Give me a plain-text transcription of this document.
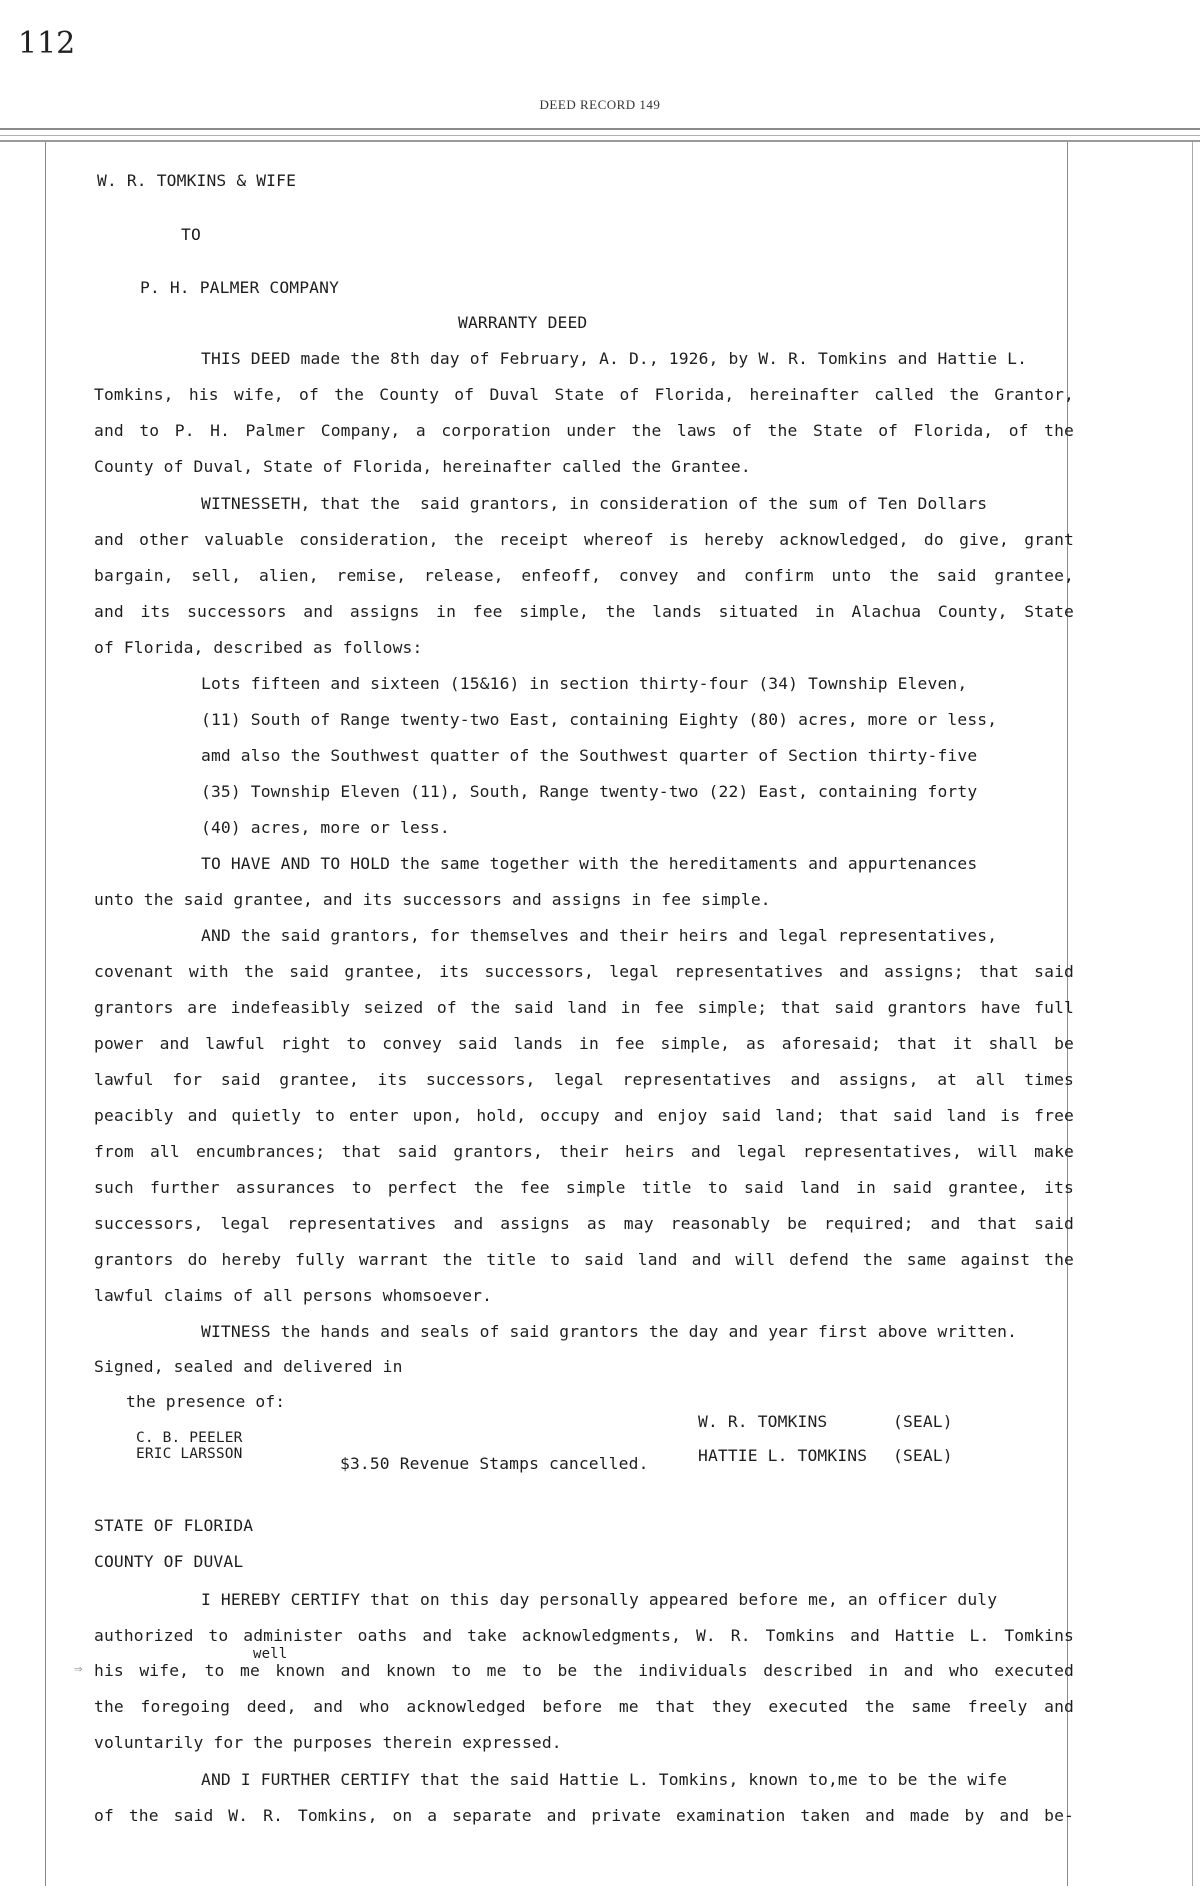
112
DEED RECORD 149
W. R. TOMKINS & WIFE
TO
P. H. PALMER COMPANY
WARRANTY DEED
THIS DEED made the 8th day of February, A. D., 1926, by W. R. Tomkins and Hattie L.
Tomkins, his wife, of the County of Duval State of Florida, hereinafter called the Grantor,
and to P. H. Palmer Company, a corporation under the laws of the State of Florida, of the
County of Duval, State of Florida, hereinafter called the Grantee.
WITNESSETH, that the  said grantors, in consideration of the sum of Ten Dollars
and other valuable consideration, the receipt whereof is hereby acknowledged, do give, grant
bargain, sell, alien, remise, release, enfeoff, convey and confirm unto the said grantee,
and its successors and assigns in fee simple, the lands situated in Alachua County, State
of Florida, described as follows:
Lots fifteen and sixteen (15&16) in section thirty-four (34) Township Eleven,
(11) South of Range twenty-two East, containing Eighty (80) acres, more or less,
amd also the Southwest quatter of the Southwest quarter of Section thirty-five
(35) Township Eleven (11), South, Range twenty-two (22) East, containing forty
(40) acres, more or less.
TO HAVE AND TO HOLD the same together with the hereditaments and appurtenances
unto the said grantee, and its successors and assigns in fee simple.
AND the said grantors, for themselves and their heirs and legal representatives,
covenant with the said grantee, its successors, legal representatives and assigns; that said
grantors are indefeasibly seized of the said land in fee simple; that said grantors have full
power and lawful right to convey said lands in fee simple, as aforesaid; that it shall be
lawful for said grantee, its successors, legal representatives and assigns, at all times
peacibly and quietly to enter upon, hold, occupy and enjoy said land; that said land is free
from all encumbrances; that said grantors, their heirs and legal representatives, will make
such further assurances to perfect the fee simple title to said land in said grantee, its
successors, legal representatives and assigns as may reasonably be required; and that said
grantors do hereby fully warrant the title to said land and will defend the same against the
lawful claims of all persons whomsoever.
WITNESS the hands and seals of said grantors the day and year first above written.
Signed, sealed and delivered in
the presence of:
C. B. PEELER
ERIC LARSSON	$3.50 Revenue Stamps cancelled.
W. R. TOMKINS	(SEAL)
HATTIE L. TOMKINS (SEAL)
STATE OF FLORIDA
COUNTY OF DUVAL
I HEREBY CERTIFY that on this day personally appeared before me, an officer duly
authorized to administer oaths and take acknowledgments, W. R. Tomkins and Hattie L. Tomkins
well
⇒ his wife, to me known and known to me to be the individuals described in and who executed
the foregoing deed, and who acknowledged before me that they executed the same freely and
voluntarily for the purposes therein expressed.
AND I FURTHER CERTIFY that the said Hattie L. Tomkins, known to,me to be the wife
of the said W. R. Tomkins, on a separate and private examination taken and made by and be-
